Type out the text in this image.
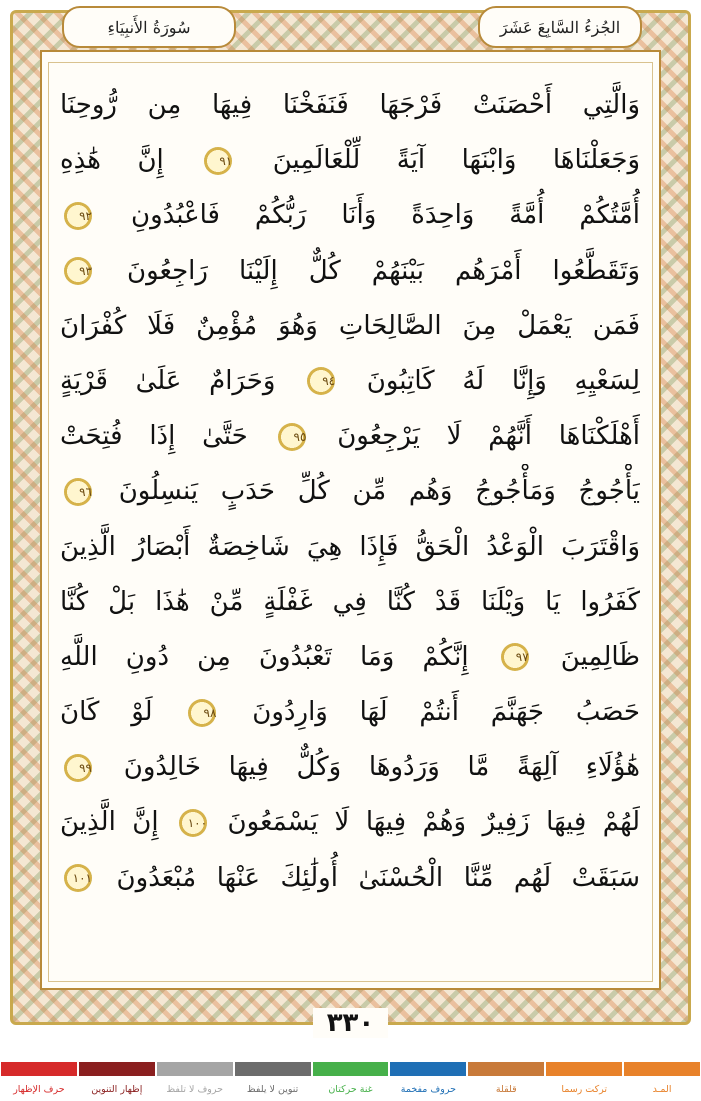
سُورَةُ الأَنبِيَاءِ	الجُزءُ السَّابِعَ عَشَرَ
وَالَّتِي أَحْصَنَتْ فَرْجَهَا فَنَفَخْنَا فِيهَا مِن رُّوحِنَا
وَجَعَلْنَاهَا وَابْنَهَا آيَةً لِّلْعَالَمِينَ ٩١ إِنَّ هَٰذِهِ
أُمَّتُكُمْ أُمَّةً وَاحِدَةً وَأَنَا رَبُّكُمْ فَاعْبُدُونِ ٩٢
وَتَقَطَّعُوا أَمْرَهُم بَيْنَهُمْ كُلٌّ إِلَيْنَا رَاجِعُونَ ٩٣
فَمَن يَعْمَلْ مِنَ الصَّالِحَاتِ وَهُوَ مُؤْمِنٌ فَلَا كُفْرَانَ
لِسَعْيِهِ وَإِنَّا لَهُ كَاتِبُونَ ٩٤ وَحَرَامٌ عَلَىٰ قَرْيَةٍ
أَهْلَكْنَاهَا أَنَّهُمْ لَا يَرْجِعُونَ ٩٥ حَتَّىٰ إِذَا فُتِحَتْ
يَأْجُوجُ وَمَأْجُوجُ وَهُم مِّن كُلِّ حَدَبٍ يَنسِلُونَ ٩٦
وَاقْتَرَبَ الْوَعْدُ الْحَقُّ فَإِذَا هِيَ شَاخِصَةٌ أَبْصَارُ الَّذِينَ
كَفَرُوا يَا وَيْلَنَا قَدْ كُنَّا فِي غَفْلَةٍ مِّنْ هَٰذَا بَلْ كُنَّا
ظَالِمِينَ ٩٧ إِنَّكُمْ وَمَا تَعْبُدُونَ مِن دُونِ اللَّهِ
حَصَبُ جَهَنَّمَ أَنتُمْ لَهَا وَارِدُونَ ٩٨ لَوْ كَانَ
هَٰؤُلَاءِ آلِهَةً مَّا وَرَدُوهَا وَكُلٌّ فِيهَا خَالِدُونَ ٩٩
لَهُمْ فِيهَا زَفِيرٌ وَهُمْ فِيهَا لَا يَسْمَعُونَ ١٠٠ إِنَّ الَّذِينَ
سَبَقَتْ لَهُم مِّنَّا الْحُسْنَىٰ أُولَٰئِكَ عَنْهَا مُبْعَدُونَ ١٠١
٣٣٠
المـد
تركت رسما
قلقلة
حروف مفخمة
غنة حركتان
تنوين لا يلفظ
حروف لا تلفظ
إظهار التنوين
حرف الإظهار
